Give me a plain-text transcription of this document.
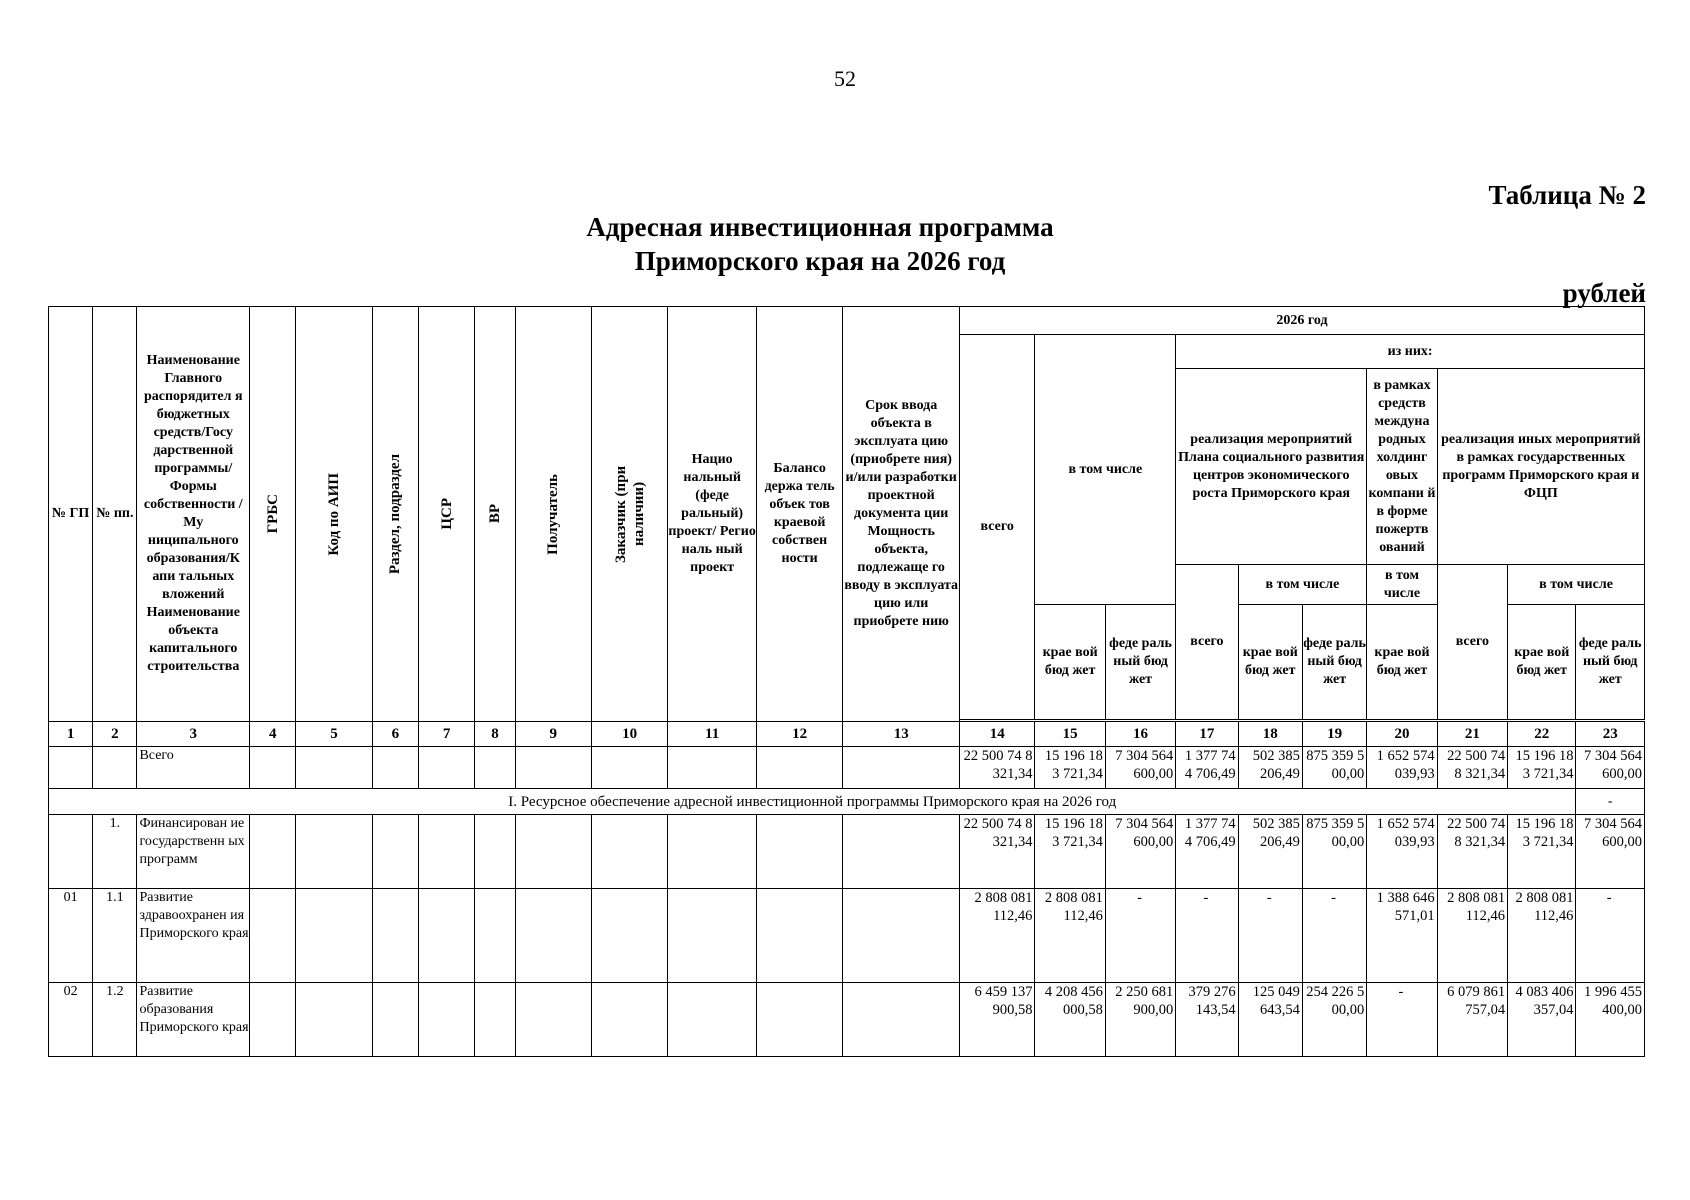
52
Таблица № 2
Адресная инвестиционная программа
Приморского края на 2026 год
рублей
№ ГП	№ пп.	Наименование Главного распорядител я бюджетных средств/Госу дарственной программы/ Формы собственности /Му ниципального образования/К апи тальных вложений Наименование объекта капитального строительства	ГРБС	Код по АИП	Раздел, подраздел	ЦСР	ВР	Получатель	Заказчик (при наличии)	Нацио нальный (феде ральный) проект/ Регио наль ный проект	Балансо держа тель объек тов краевой собствен ности	Срок ввода объекта в эксплуата цию (приобрете ния) и/или разработки проектной документа ции Мощность объекта, подлежаще го вводу в эксплуата цию или приобрете нию	2026 год									
													всего	в том числе		из них:						
																реализация мероприятий Плана социального развития центров экономического роста Приморского края			в рамках средств междуна родных холдинг овых компани й в форме пожертв ований	реализация иных мероприятий в рамках государственных программ Приморского края и ФЦП		

																всего	в том числе		в том числе	всего	в том числе	
														крае вой бюд жет	феде раль ный бюд жет		крае вой бюд жет	феде раль ный бюд жет	крае вой бюд жет		крае вой бюд жет	феде раль ный бюд жет

1	2	3	4	5	6	7	8	9	10	11	12	13	14	15	16	17	18	19	20	21	22	23
		Всего											22 500 74 8 321,34	15 196 18 3 721,34	7 304 564 600,00	1 377 74 4 706,49	502 385 206,49	875 359 5 00,00	1 652 574 039,93	22 500 74 8 321,34	15 196 18 3 721,34	7 304 564 600,00
I. Ресурсное обеспечение адресной инвестиционной программы Приморского края на 2026 год																						-
	1.	Финансирован ие государственн ых программ											22 500 74 8 321,34	15 196 18 3 721,34	7 304 564 600,00	1 377 74 4 706,49	502 385 206,49	875 359 5 00,00	1 652 574 039,93	22 500 74 8 321,34	15 196 18 3 721,34	7 304 564 600,00
01	1.1	Развитие здравоохранен ия Приморского края											2 808 081 112,46	2 808 081 112,46	-	-	-	-	1 388 646 571,01	2 808 081 112,46	2 808 081 112,46	-
02	1.2	Развитие образования Приморского края											6 459 137 900,58	4 208 456 000,58	2 250 681 900,00	379 276 143,54	125 049 643,54	254 226 5 00,00	-	6 079 861 757,04	4 083 406 357,04	1 996 455 400,00
